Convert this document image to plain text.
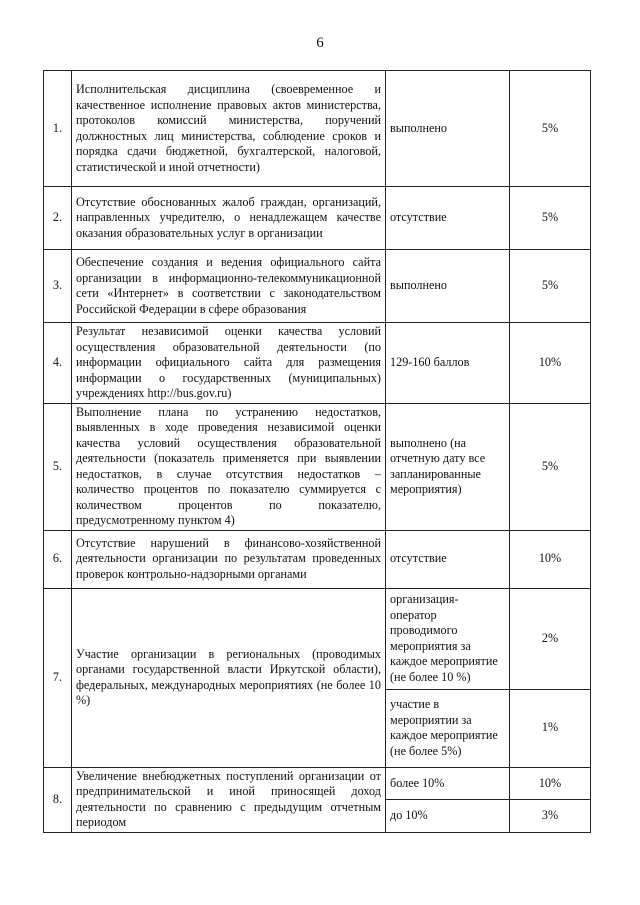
6
1.	Исполнительская дисциплина (своевременное и качественное исполнение правовых актов министерства, протоколов комиссий министерства, поручений должностных лиц министерства, соблюдение сроков и порядка сдачи бюджетной, бухгалтерской, налоговой, статистической и иной отчетности)	выполнено	5%
2.	Отсутствие обоснованных жалоб граждан, организаций, направленных учредителю, о ненадлежащем качестве оказания образовательных услуг в организации	отсутствие	5%
3.	Обеспечение создания и ведения официального сайта организации в информационно-телекоммуникационной сети «Интернет» в соответствии с законодательством Российской Федерации в сфере образования	выполнено	5%
4.	Результат независимой оценки качества условий осуществления образовательной деятельности (по информации официального сайта для размещения информации о государственных (муниципальных) учреждениях http://bus.gov.ru)	129-160 баллов	10%
5.	Выполнение плана по устранению недостатков, выявленных в ходе проведения независимой оценки качества условий осуществления образовательной деятельности (показатель применяется при выявлении недостатков, в случае отсутствия недостатков – количество процентов по показателю суммируется с количеством процентов по показателю, предусмотренному пунктом 4)	выполнено (на отчетную дату все запланированные мероприятия)	5%
6.	Отсутствие нарушений в финансово-хозяйственной деятельности организации по результатам проведенных проверок контрольно-надзорными органами	отсутствие	10%
7.	Участие организации в региональных (проводимых органами государственной власти Иркутской области), федеральных, международных мероприятиях (не более 10 %)	организация-оператор проводимого мероприятия за каждое мероприятие (не более 10 %)	2%
		участие в мероприятии за каждое мероприятие (не более 5%)	1%
8.	Увеличение внебюджетных поступлений организации от предпринимательской и иной приносящей доход деятельности по сравнению с предыдущим отчетным периодом	более 10%	10%
		до 10%	3%
